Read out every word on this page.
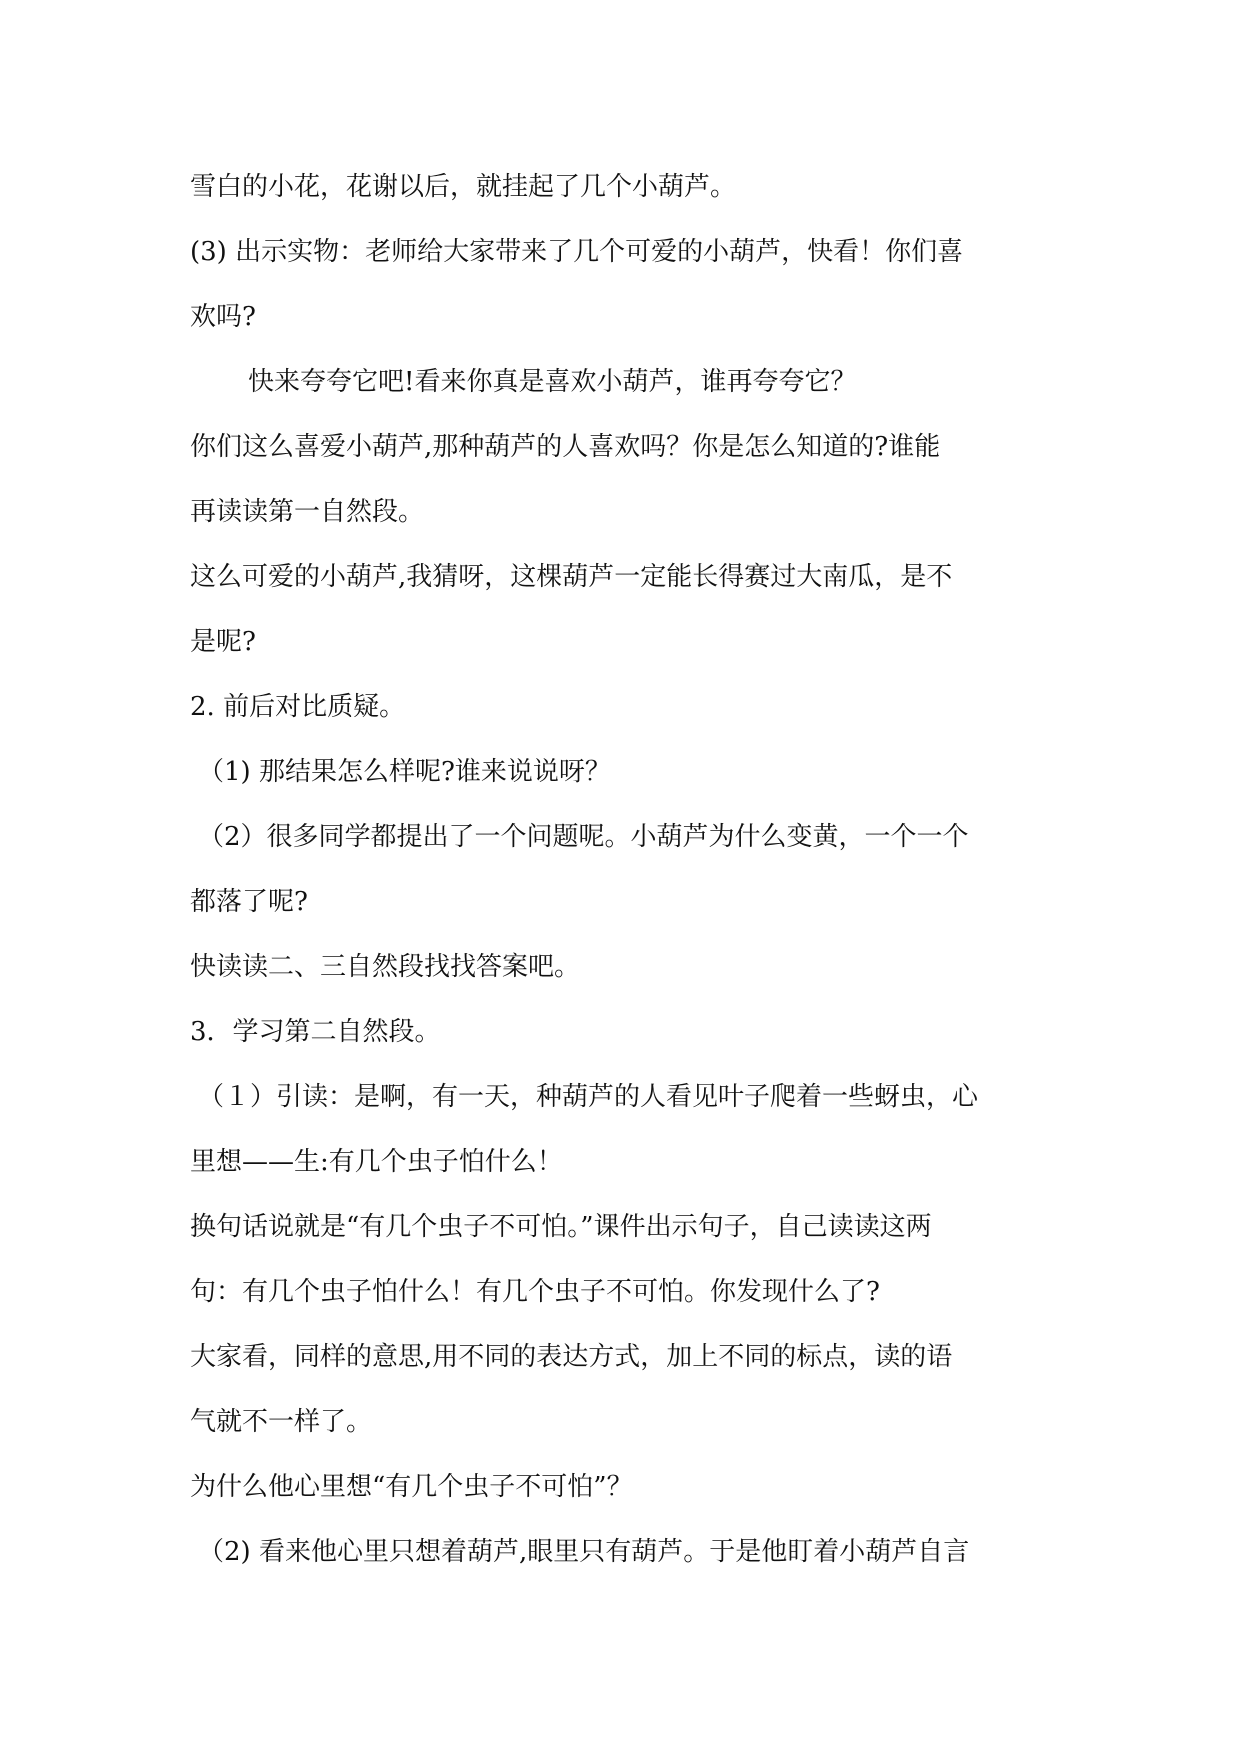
雪白的小花，花谢以后，就挂起了几个小葫芦。
(3) 出示实物：老师给大家带来了几个可爱的小葫芦，快看！你们喜
欢吗?
快来夸夸它吧!看来你真是喜欢小葫芦，谁再夸夸它？
你们这么喜爱小葫芦,那种葫芦的人喜欢吗？你是怎么知道的?谁能
再读读第一自然段。
这么可爱的小葫芦,我猜呀，这棵葫芦一定能长得赛过大南瓜，是不
是呢?
2. 前后对比质疑。
（1) 那结果怎么样呢?谁来说说呀？
（2）很多同学都提出了一个问题呢。小葫芦为什么变黄，一个一个
都落了呢?
快读读二、三自然段找找答案吧。
3．学习第二自然段。
（１）引读：是啊，有一天，种葫芦的人看见叶子爬着一些蚜虫，心
里想——生:有几个虫子怕什么！
换句话说就是“有几个虫子不可怕。”课件出示句子，自己读读这两
句：有几个虫子怕什么！有几个虫子不可怕。你发现什么了?
大家看，同样的意思,用不同的表达方式，加上不同的标点，读的语
气就不一样了。
为什么他心里想“有几个虫子不可怕”？
（2) 看来他心里只想着葫芦,眼里只有葫芦。于是他盯着小葫芦自言
